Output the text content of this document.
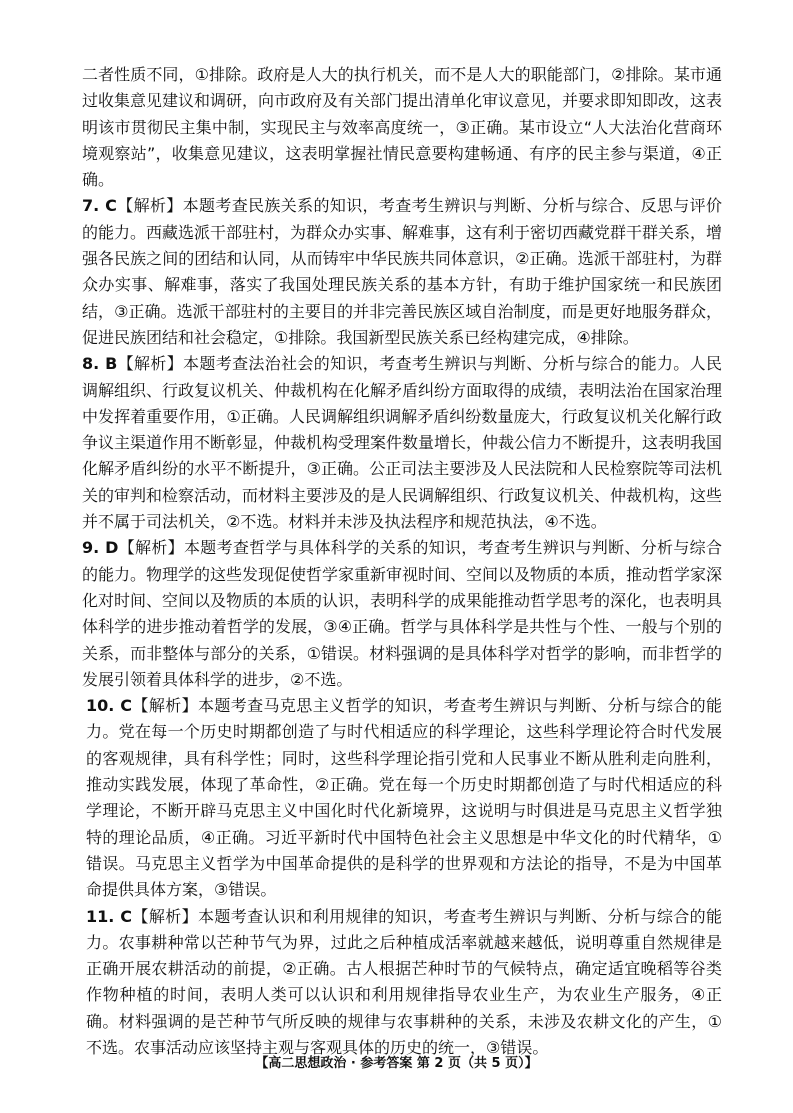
二者性质不同，①排除。政府是人大的执行机关，而不是人大的职能部门，②排除。某市通过收集意见建议和调研，向市政府及有关部门提出清单化审议意见，并要求即知即改，这表明该市贯彻民主集中制，实现民主与效率高度统一，③正确。某市设立“人大法治化营商环境观察站”，收集意见建议，这表明掌握社情民意要构建畅通、有序的民主参与渠道，④正确。

7. C【解析】本题考查民族关系的知识，考查考生辨识与判断、分析与综合、反思与评价的能力。西藏选派干部驻村，为群众办实事、解难事，这有利于密切西藏党群干群关系，增强各民族之间的团结和认同，从而铸牢中华民族共同体意识，②正确。选派干部驻村，为群众办实事、解难事，落实了我国处理民族关系的基本方针，有助于维护国家统一和民族团结，③正确。选派干部驻村的主要目的并非完善民族区域自治制度，而是更好地服务群众，促进民族团结和社会稳定，①排除。我国新型民族关系已经构建完成，④排除。

8. B【解析】本题考查法治社会的知识，考查考生辨识与判断、分析与综合的能力。人民调解组织、行政复议机关、仲裁机构在化解矛盾纠纷方面取得的成绩，表明法治在国家治理中发挥着重要作用，①正确。人民调解组织调解矛盾纠纷数量庞大，行政复议机关化解行政争议主渠道作用不断彰显，仲裁机构受理案件数量增长，仲裁公信力不断提升，这表明我国化解矛盾纠纷的水平不断提升，③正确。公正司法主要涉及人民法院和人民检察院等司法机关的审判和检察活动，而材料主要涉及的是人民调解组织、行政复议机关、仲裁机构，这些并不属于司法机关，②不选。材料并未涉及执法程序和规范执法，④不选。

9. D【解析】本题考查哲学与具体科学的关系的知识，考查考生辨识与判断、分析与综合的能力。物理学的这些发现促使哲学家重新审视时间、空间以及物质的本质，推动哲学家深化对时间、空间以及物质的本质的认识，表明科学的成果能推动哲学思考的深化，也表明具体科学的进步推动着哲学的发展，③④正确。哲学与具体科学是共性与个性、一般与个别的关系，而非整体与部分的关系，①错误。材料强调的是具体科学对哲学的影响，而非哲学的发展引领着具体科学的进步，②不选。

10. C【解析】本题考查马克思主义哲学的知识，考查考生辨识与判断、分析与综合的能力。党在每一个历史时期都创造了与时代相适应的科学理论，这些科学理论符合时代发展的客观规律，具有科学性；同时，这些科学理论指引党和人民事业不断从胜利走向胜利，推动实践发展，体现了革命性，②正确。党在每一个历史时期都创造了与时代相适应的科学理论，不断开辟马克思主义中国化时代化新境界，这说明与时俱进是马克思主义哲学独特的理论品质，④正确。习近平新时代中国特色社会主义思想是中华文化的时代精华，①错误。马克思主义哲学为中国革命提供的是科学的世界观和方法论的指导，不是为中国革命提供具体方案，③错误。

11. C【解析】本题考查认识和利用规律的知识，考查考生辨识与判断、分析与综合的能力。农事耕种常以芒种节气为界，过此之后种植成活率就越来越低，说明尊重自然规律是正确开展农耕活动的前提，②正确。古人根据芒种时节的气候特点，确定适宜晚稻等谷类作物种植的时间，表明人类可以认识和利用规律指导农业生产，为农业生产服务，④正确。材料强调的是芒种节气所反映的规律与农事耕种的关系，未涉及农耕文化的产生，①不选。农事活动应该坚持主观与客观具体的历史的统一，③错误。

【高二思想政治 · 参考答案 第 2 页（共 5 页）】
